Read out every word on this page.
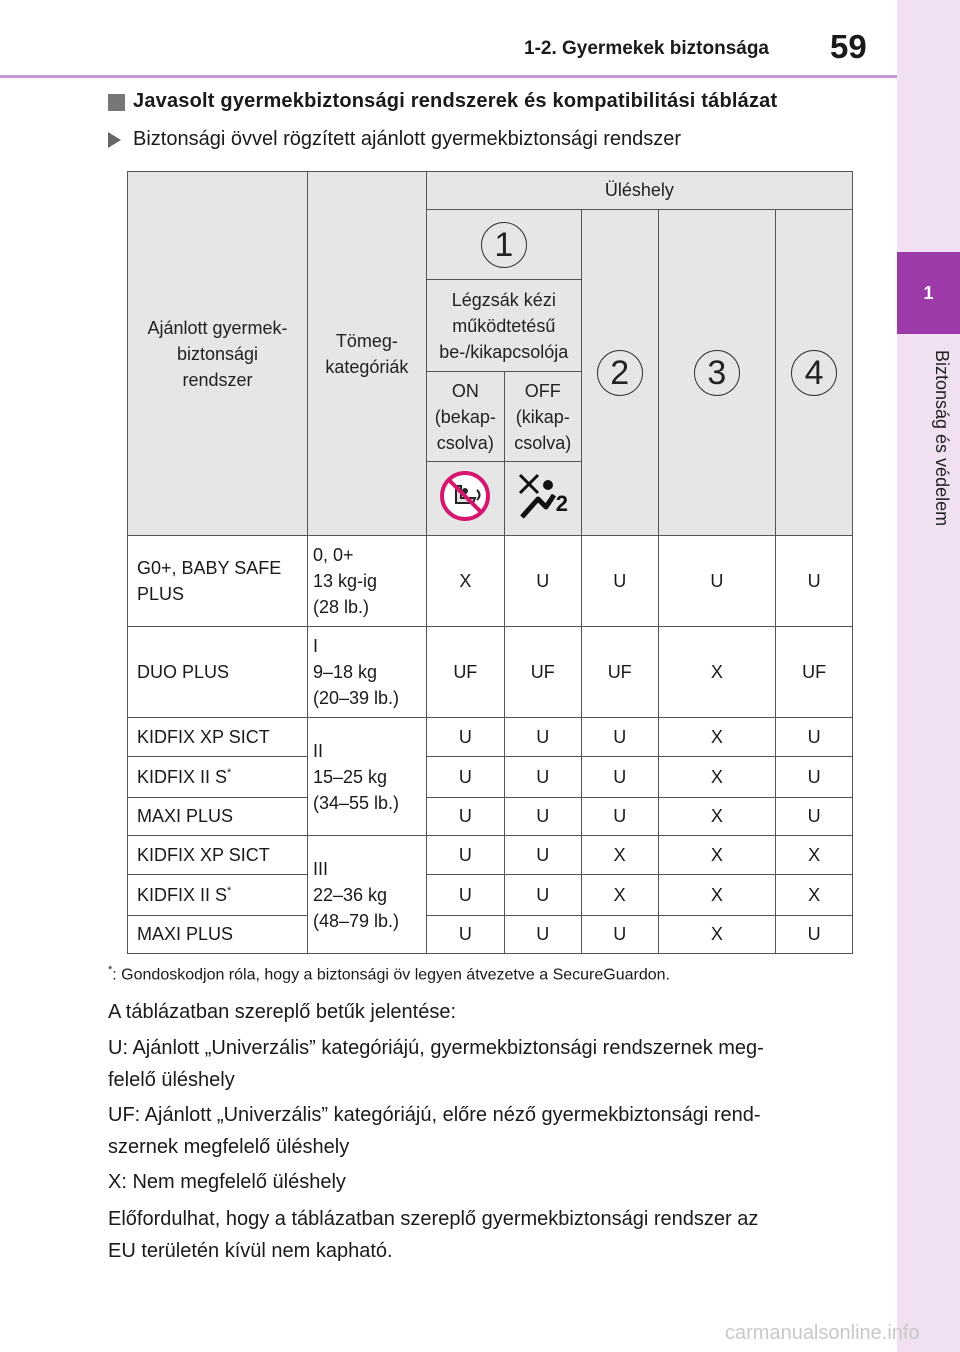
1-2. Gyermekek biztonsága 59
1
Biztonság és védelem
Javasolt gyermekbiztonsági rendszerek és kompatibilitási táblázat
Biztonsági övvel rögzített ajánlott gyermekbiztonsági rendszer
Ajánlott gyermek-biztonsági rendszer	Tömeg-kategóriák	Üléshely				
		1		2	3	4

		Légzsák kézi működtetésű be-/kikapcsolója				

		ON (bekap-csolva)	OFF (kikap-csolva)			

2			

G0+, BABY SAFE PLUS	0, 0+
13 kg-ig
(28 lb.)	X	U	U	U	U
DUO PLUS	I
9–18 kg
(20–39 lb.)	UF	UF	UF	X	UF
KIDFIX XP SICT	II
15–25 kg
(34–55 lb.)	U	U	U	X	U
KIDFIX II S*		U	U	U	X	U
MAXI PLUS		U	U	U	X	U
KIDFIX XP SICT	III
22–36 kg
(48–79 lb.)	U	U	X	X	X
KIDFIX II S*		U	U	X	X	X
MAXI PLUS		U	U	U	X	U
*: Gondoskodjon róla, hogy a biztonsági öv legyen átvezetve a SecureGuardon.
A táblázatban szereplő betűk jelentése:
U: Ajánlott „Univerzális” kategóriájú, gyermekbiztonsági rendszernek meg-
felelő üléshely
UF: Ajánlott „Univerzális” kategóriájú, előre néző gyermekbiztonsági rend-
szernek megfelelő üléshely
X: Nem megfelelő üléshely
Előfordulhat, hogy a táblázatban szereplő gyermekbiztonsági rendszer az
EU területén kívül nem kapható.
carmanualsonline.info
